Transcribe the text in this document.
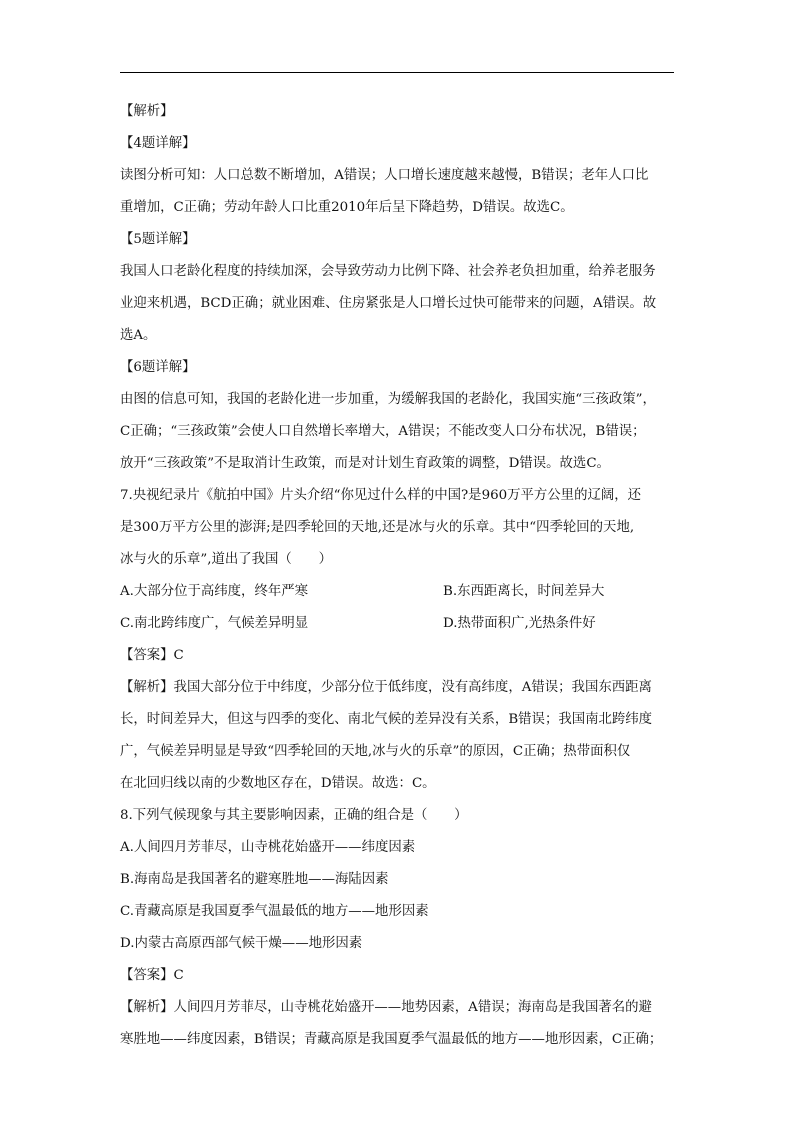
【解析】
【4题详解】
读图分析可知：人口总数不断增加，A错误；人口增长速度越来越慢，B错误；老年人口比
重增加，C正确；劳动年龄人口比重2010年后呈下降趋势，D错误。故选C。
【5题详解】
我国人口老龄化程度的持续加深，会导致劳动力比例下降、社会养老负担加重，给养老服务
业迎来机遇，BCD正确；就业困难、住房紧张是人口增长过快可能带来的问题，A错误。故
选A。
【6题详解】
由图的信息可知，我国的老龄化进一步加重，为缓解我国的老龄化，我国实施“三孩政策”，
C正确；“三孩政策”会使人口自然增长率增大，A错误；不能改变人口分布状况，B错误；
放开“三孩政策”不是取消计生政策，而是对计划生育政策的调整，D错误。故选C。
7.央视纪录片《航拍中国》片头介绍“你见过什么样的中国?是960万平方公里的辽阔，还
是300万平方公里的澎湃;是四季轮回的天地,还是冰与火的乐章。其中“四季轮回的天地,
冰与火的乐章”,道出了我国（　　）
A.大部分位于高纬度，终年严寒	B.东西距离长，时间差异大
C.南北跨纬度广，气候差异明显	D.热带面积广,光热条件好
【答案】C
【解析】我国大部分位于中纬度，少部分位于低纬度，没有高纬度，A错误；我国东西距离
长，时间差异大，但这与四季的变化、南北气候的差异没有关系，B错误；我国南北跨纬度
广，气候差异明显是导致“四季轮回的天地,冰与火的乐章”的原因，C正确；热带面积仅
在北回归线以南的少数地区存在，D错误。故选：C。
8.下列气候现象与其主要影响因素，正确的组合是（　　）
A.人间四月芳菲尽，山寺桃花始盛开——纬度因素
B.海南岛是我国著名的避寒胜地——海陆因素
C.青藏高原是我国夏季气温最低的地方——地形因素
D.内蒙古高原西部气候干燥——地形因素
【答案】C
【解析】人间四月芳菲尽，山寺桃花始盛开——地势因素，A错误；海南岛是我国著名的避
寒胜地——纬度因素，B错误；青藏高原是我国夏季气温最低的地方——地形因素，C正确；
